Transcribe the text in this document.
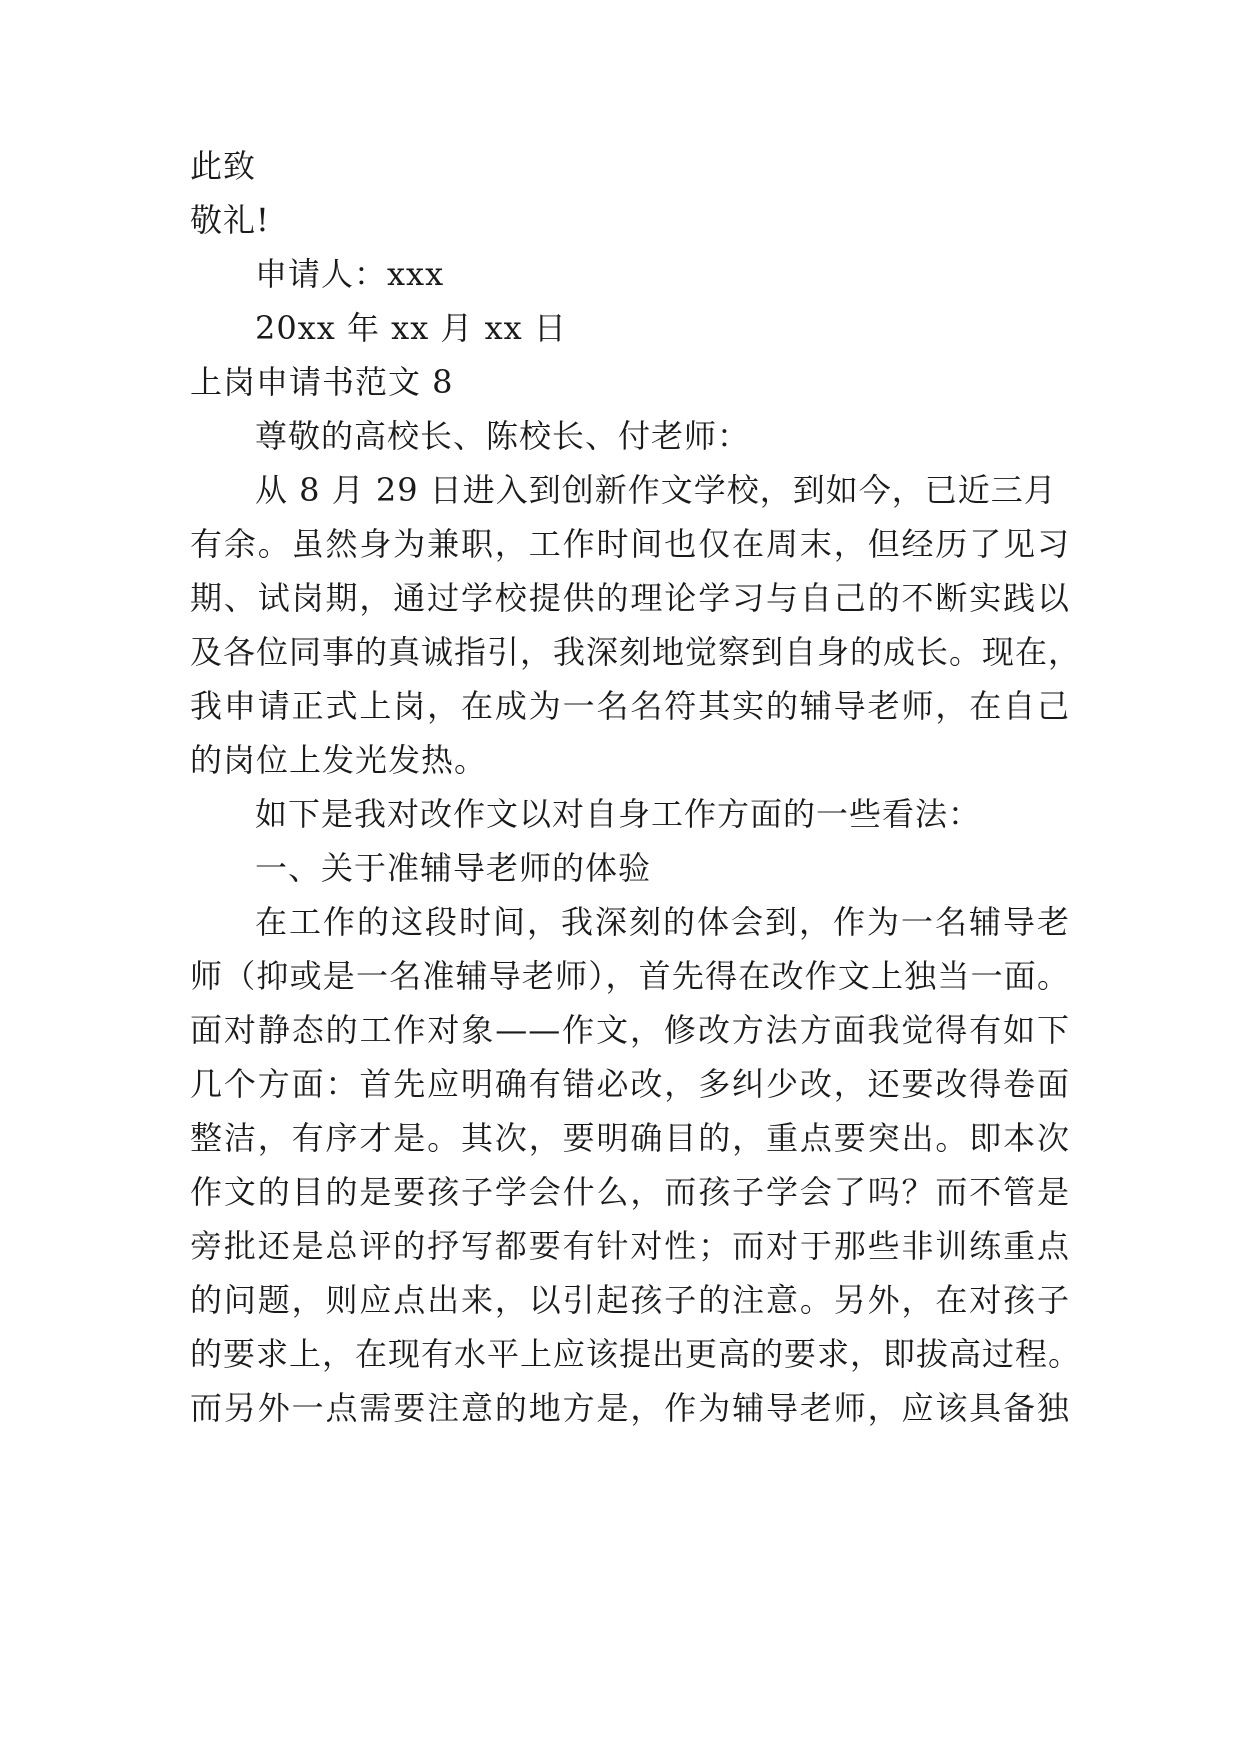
此致
敬礼!
申请人：xxx
20xx 年 xx 月 xx 日
上岗申请书范文 8
尊敬的高校长、陈校长、付老师：
从 8 月 29 日进入到创新作文学校，到如今，已近三月
有余。虽然身为兼职，工作时间也仅在周末，但经历了见习
期、试岗期，通过学校提供的理论学习与自己的不断实践以
及各位同事的真诚指引，我深刻地觉察到自身的成长。现在，
我申请正式上岗，在成为一名名符其实的辅导老师，在自己
的岗位上发光发热。
如下是我对改作文以对自身工作方面的一些看法：
一、关于准辅导老师的体验
在工作的这段时间，我深刻的体会到，作为一名辅导老
师（抑或是一名准辅导老师），首先得在改作文上独当一面。
面对静态的工作对象——作文，修改方法方面我觉得有如下
几个方面：首先应明确有错必改，多纠少改，还要改得卷面
整洁，有序才是。其次，要明确目的，重点要突出。即本次
作文的目的是要孩子学会什么，而孩子学会了吗？而不管是
旁批还是总评的抒写都要有针对性；而对于那些非训练重点
的问题，则应点出来，以引起孩子的注意。另外，在对孩子
的要求上，在现有水平上应该提出更高的要求，即拔高过程。
而另外一点需要注意的地方是，作为辅导老师，应该具备独
